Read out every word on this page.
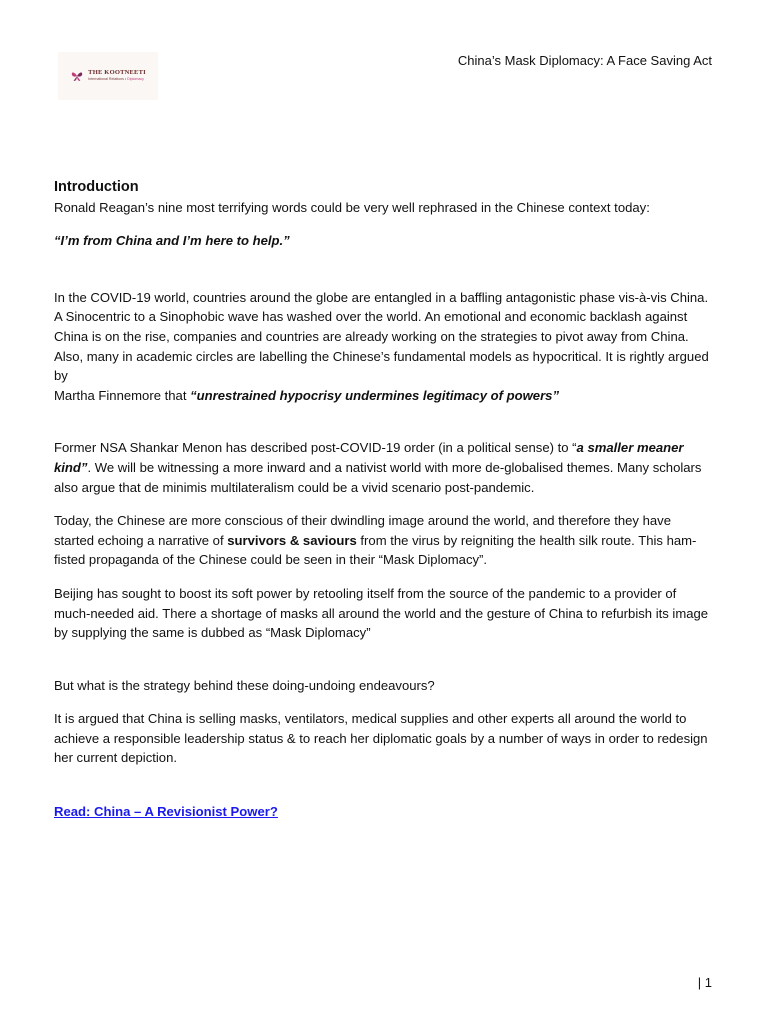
THE KOOTNEETI
International Relations • Diplomacy
China’s Mask Diplomacy: A Face Saving Act

Introduction

Ronald Reagan’s nine most terrifying words could be very well rephrased in the Chinese context today:

“I’m from China and I’m here to help.”

In the COVID-19 world, countries around the globe are entangled in a baffling antagonistic phase vis-à-vis China. A Sinocentric to a Sinophobic wave has washed over the world. An emotional and economic backlash against China is on the rise, companies and countries are already working on the strategies to pivot away from China. Also, many in academic circles are labelling the Chinese’s fundamental models as hypocritical. It is rightly argued by

Martha Finnemore that “unrestrained hypocrisy undermines legitimacy of powers”

Former NSA Shankar Menon has described post-COVID-19 order (in a political sense) to “a smaller meaner kind”. We will be witnessing a more inward and a nativist world with more de-globalised themes. Many scholars also argue that de minimis multilateralism could be a vivid scenario post-pandemic.

Today, the Chinese are more conscious of their dwindling image around the world, and therefore they have started echoing a narrative of survivors & saviours from the virus by reigniting the health silk route. This ham-fisted propaganda of the Chinese could be seen in their “Mask Diplomacy”.

Beijing has sought to boost its soft power by retooling itself from the source of the pandemic to a provider of much-needed aid. There a shortage of masks all around the world and the gesture of China to refurbish its image by supplying the same is dubbed as “Mask Diplomacy”

But what is the strategy behind these doing-undoing endeavours?

It is argued that China is selling masks, ventilators, medical supplies and other experts all around the world to achieve a responsible leadership status & to reach her diplomatic goals by a number of ways in order to redesign her current depiction.

Read: China – A Revisionist Power?

| 1
